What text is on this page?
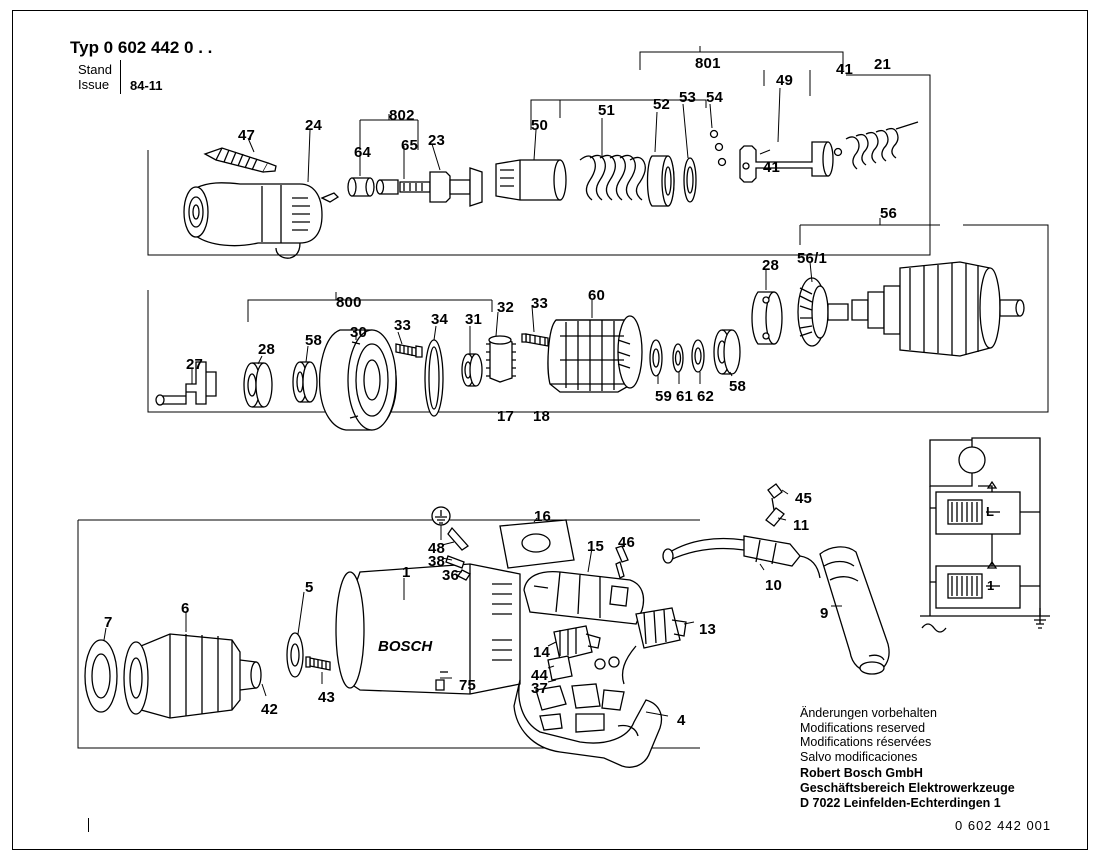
Typ 0 602 442 0 . .
Stand
Issue 84-11
BOSCH
Änderungen vorbehalten
Modifications reserved
Modifications réservées
Salvo modificaciones
Robert Bosch GmbH
Geschäftsbereich Elektrowerkzeuge
D 7022 Leinfelden-Echterdingen 1
0 602 442 001
47
24
802
64 65 23
50
51	52 53 54
801
49
41 21
41
56
56/1
28
800	60
32 33
31
34
33
30
58
28
27
59 61 62
58
17 18
45
11
10
9
16
15 46
48
38
36
1
5
6
7
42
43
75
14
13
44
37
4
L
1
